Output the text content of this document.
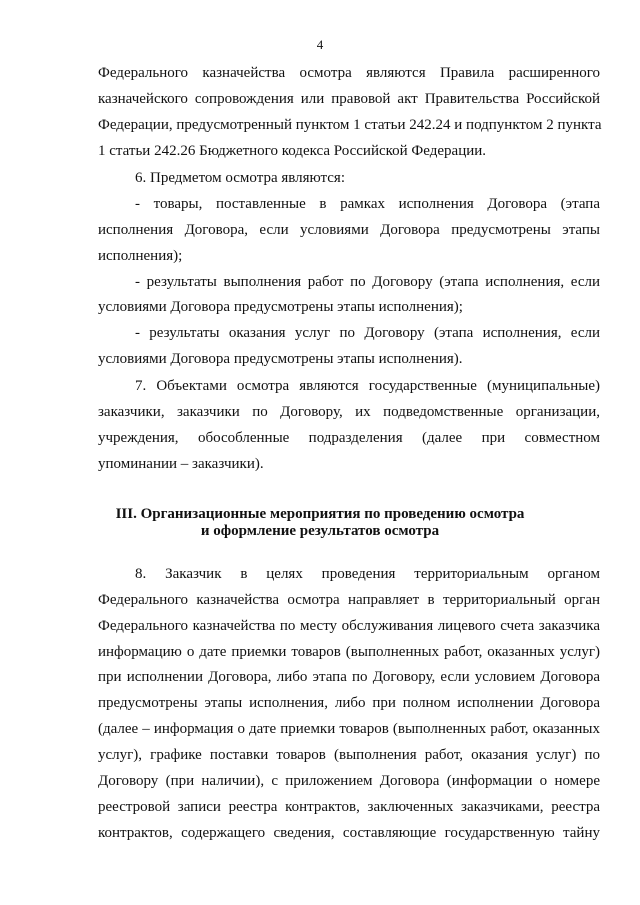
4
Федерального казначейства осмотра являются Правила расширенного
казначейского сопровождения или правовой акт Правительства Российской
Федерации, предусмотренный пунктом 1 статьи 242.24 и подпунктом 2 пункта
1 статьи 242.26 Бюджетного кодекса Российской Федерации.
6. Предметом осмотра являются:
- товары, поставленные в рамках исполнения Договора (этапа
исполнения Договора, если условиями Договора предусмотрены этапы
исполнения);
- результаты выполнения работ по Договору (этапа исполнения, если
условиями Договора предусмотрены этапы исполнения);
- результаты оказания услуг по Договору (этапа исполнения, если
условиями Договора предусмотрены этапы исполнения).
7. Объектами осмотра являются государственные (муниципальные)
заказчики, заказчики по Договору, их подведомственные организации,
учреждения, обособленные подразделения (далее при совместном
упоминании – заказчики).
III. Организационные мероприятия по проведению осмотра
и оформление результатов осмотра
8. Заказчик в целях проведения территориальным органом
Федерального казначейства осмотра направляет в территориальный орган
Федерального казначейства по месту обслуживания лицевого счета заказчика
информацию о дате приемки товаров (выполненных работ, оказанных услуг)
при исполнении Договора, либо этапа по Договору, если условием Договора
предусмотрены этапы исполнения, либо при полном исполнении Договора
(далее – информация о дате приемки товаров (выполненных работ, оказанных
услуг), графике поставки товаров (выполнения работ, оказания услуг) по
Договору (при наличии), с приложением Договора (информации о номере
реестровой записи реестра контрактов, заключенных заказчиками, реестра
контрактов, содержащего сведения, составляющие государственную тайну
